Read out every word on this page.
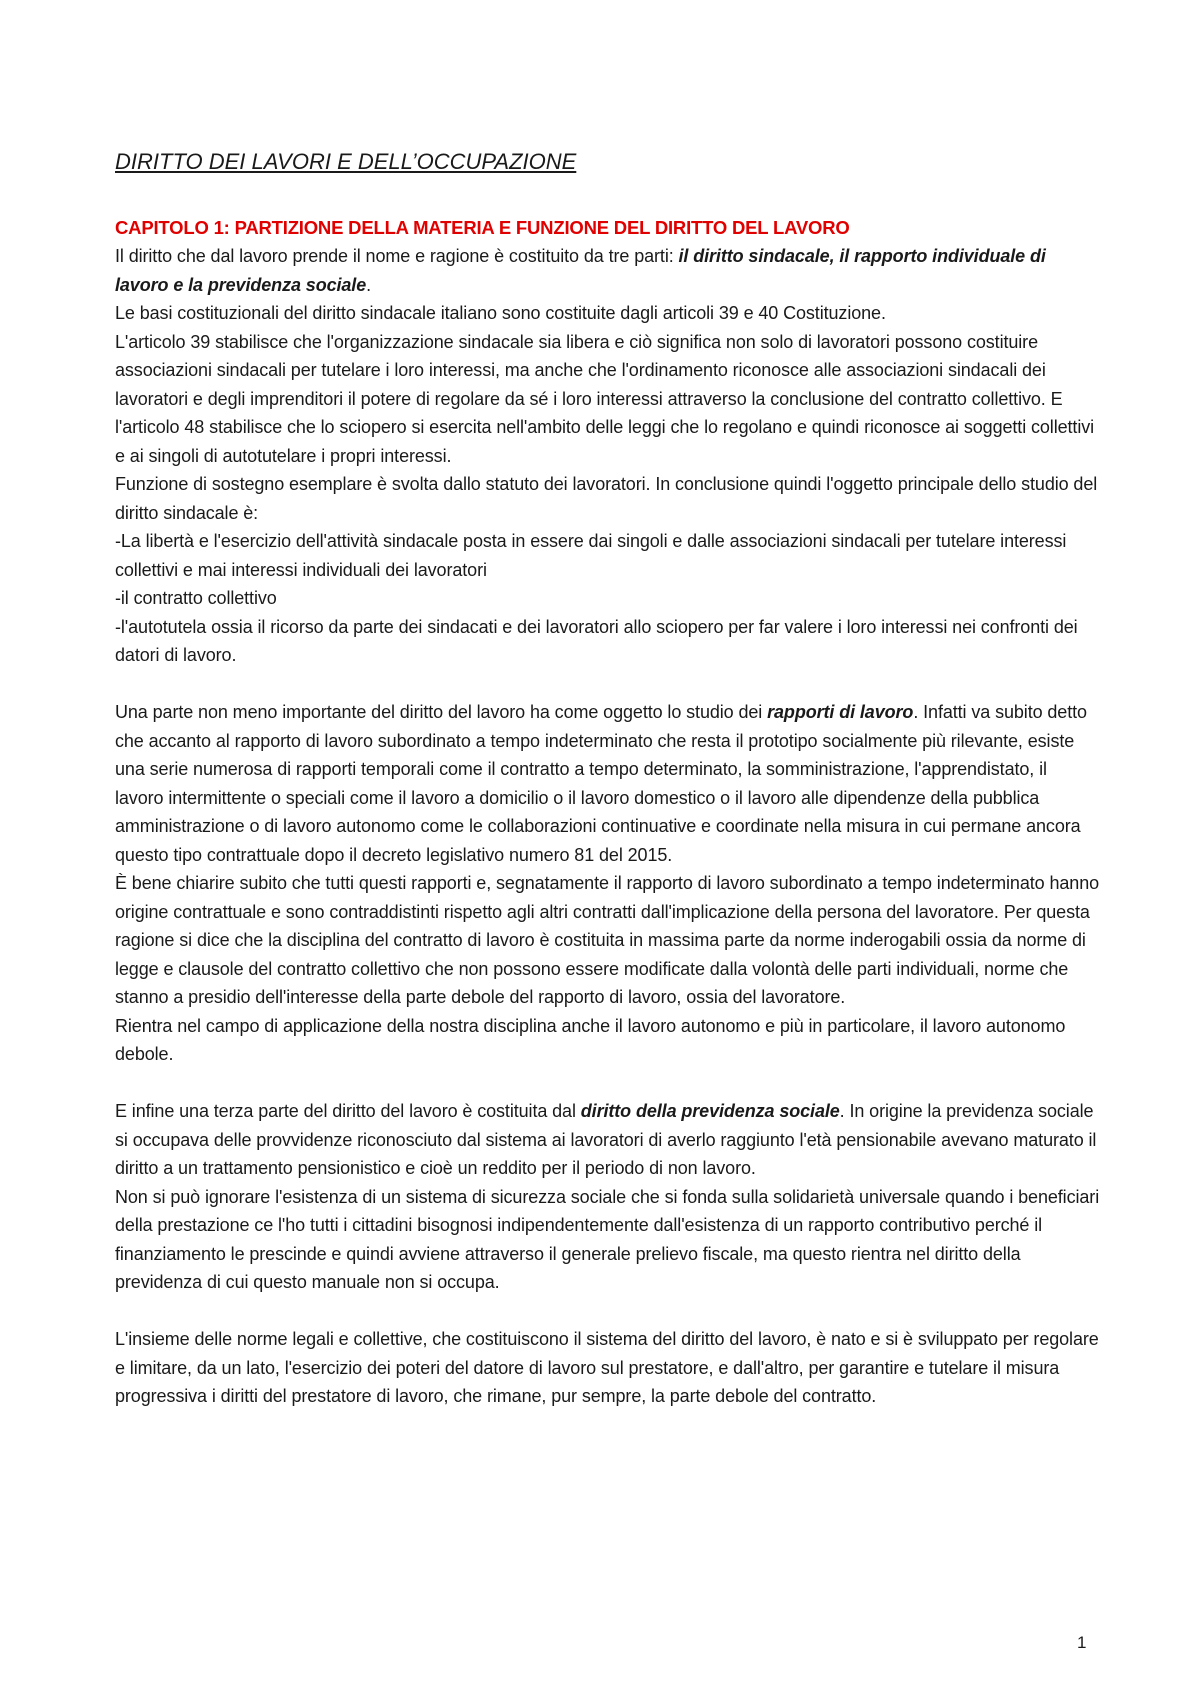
DIRITTO DEI LAVORI E DELL’OCCUPAZIONE
CAPITOLO 1: PARTIZIONE DELLA MATERIA E FUNZIONE DEL DIRITTO DEL LAVORO

Il diritto che dal lavoro prende il nome e ragione è costituito da tre parti: il diritto sindacale, il rapporto individuale di lavoro e la previdenza sociale.

Le basi costituzionali del diritto sindacale italiano sono costituite dagli articoli 39 e 40 Costituzione.

L'articolo 39 stabilisce che l'organizzazione sindacale sia libera e ciò significa non solo di lavoratori possono costituire associazioni sindacali per tutelare i loro interessi, ma anche che l'ordinamento riconosce alle associazioni sindacali dei lavoratori e degli imprenditori il potere di regolare da sé i loro interessi attraverso la conclusione del contratto collettivo. E l'articolo 48 stabilisce che lo sciopero si esercita nell'ambito delle leggi che lo regolano e quindi riconosce ai soggetti collettivi e ai singoli di autotutelare i propri interessi.

Funzione di sostegno esemplare è svolta dallo statuto dei lavoratori. In conclusione quindi l'oggetto principale dello studio del diritto sindacale è:

-La libertà e l'esercizio dell'attività sindacale posta in essere dai singoli e dalle associazioni sindacali per tutelare interessi collettivi e mai interessi individuali dei lavoratori

-il contratto collettivo

-l'autotutela ossia il ricorso da parte dei sindacati e dei lavoratori allo sciopero per far valere i loro interessi nei confronti dei datori di lavoro.

Una parte non meno importante del diritto del lavoro ha come oggetto lo studio dei rapporti di lavoro. Infatti va subito detto che accanto al rapporto di lavoro subordinato a tempo indeterminato che resta il prototipo socialmente più rilevante, esiste una serie numerosa di rapporti temporali come il contratto a tempo determinato, la somministrazione, l'apprendistato, il lavoro intermittente o speciali come il lavoro a domicilio o il lavoro domestico o il lavoro alle dipendenze della pubblica amministrazione o di lavoro autonomo come le collaborazioni continuative e coordinate nella misura in cui permane ancora questo tipo contrattuale dopo il decreto legislativo numero 81 del 2015.

È bene chiarire subito che tutti questi rapporti e, segnatamente il rapporto di lavoro subordinato a tempo indeterminato hanno origine contrattuale e sono contraddistinti rispetto agli altri contratti dall'implicazione della persona del lavoratore. Per questa ragione si dice che la disciplina del contratto di lavoro è costituita in massima parte da norme inderogabili ossia da norme di legge e clausole del contratto collettivo che non possono essere modificate dalla volontà delle parti individuali, norme che stanno a presidio dell'interesse della parte debole del rapporto di lavoro, ossia del lavoratore.

Rientra nel campo di applicazione della nostra disciplina anche il lavoro autonomo e più in particolare, il lavoro autonomo debole.

E infine una terza parte del diritto del lavoro è costituita dal diritto della previdenza sociale. In origine la previdenza sociale si occupava delle provvidenze riconosciuto dal sistema ai lavoratori di averlo raggiunto l'età pensionabile avevano maturato il diritto a un trattamento pensionistico e cioè un reddito per il periodo di non lavoro.

Non si può ignorare l'esistenza di un sistema di sicurezza sociale che si fonda sulla solidarietà universale quando i beneficiari della prestazione ce l'ho tutti i cittadini bisognosi indipendentemente dall'esistenza di un rapporto contributivo perché il finanziamento le prescinde e quindi avviene attraverso il generale prelievo fiscale, ma questo rientra nel diritto della previdenza di cui questo manuale non si occupa.

L'insieme delle norme legali e collettive, che costituiscono il sistema del diritto del lavoro, è nato e si è sviluppato per regolare e limitare, da un lato, l'esercizio dei poteri del datore di lavoro sul prestatore, e dall'altro, per garantire e tutelare il misura progressiva i diritti del prestatore di lavoro, che rimane, pur sempre, la parte debole del contratto.

1
